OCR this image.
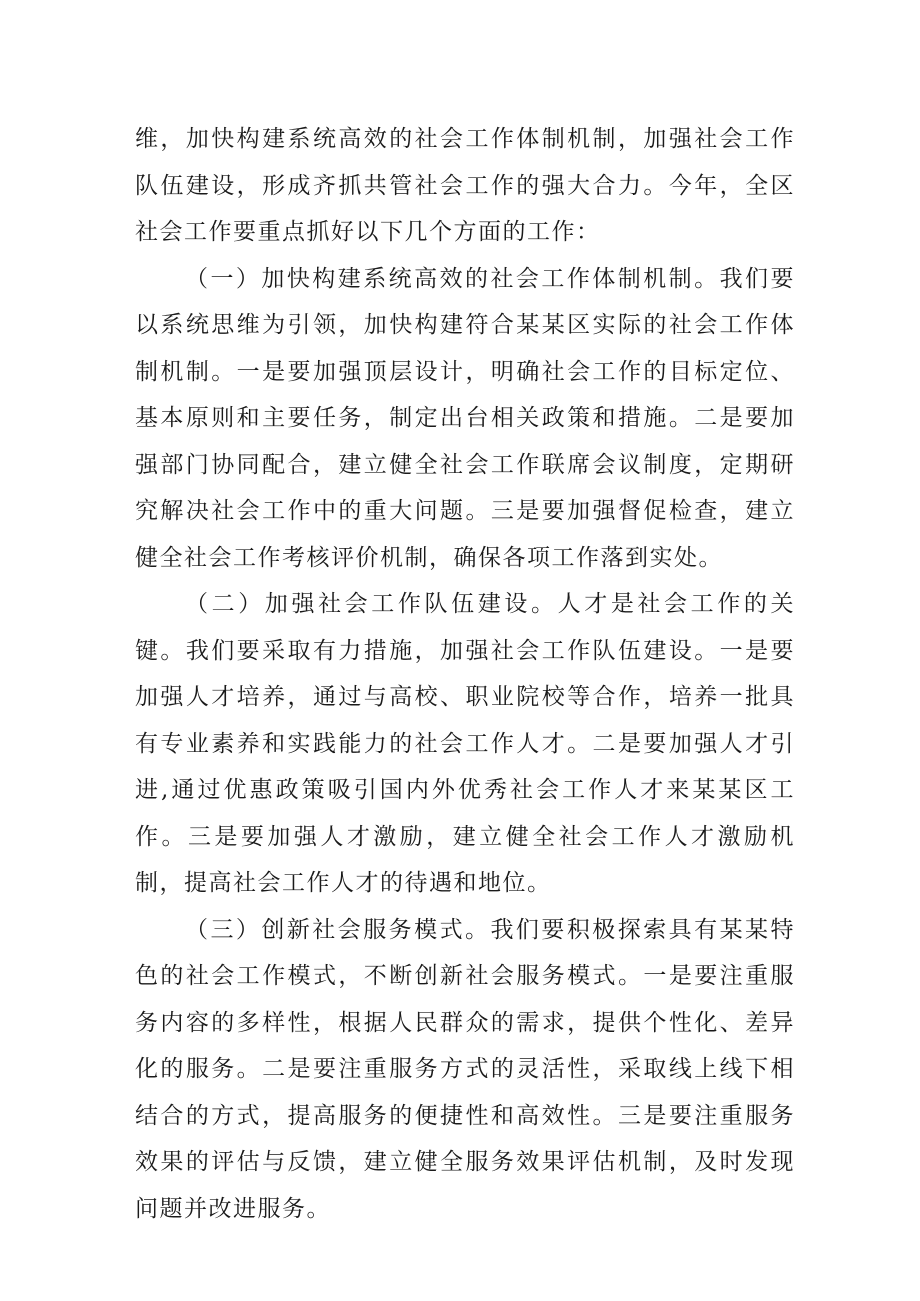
维，加快构建系统高效的社会工作体制机制，加强社会工作队伍建设，形成齐抓共管社会工作的强大合力。今年，全区社会工作要重点抓好以下几个方面的工作：

（一）加快构建系统高效的社会工作体制机制。我们要以系统思维为引领，加快构建符合某某区实际的社会工作体制机制。一是要加强顶层设计，明确社会工作的目标定位、基本原则和主要任务，制定出台相关政策和措施。二是要加强部门协同配合，建立健全社会工作联席会议制度，定期研究解决社会工作中的重大问题。三是要加强督促检查，建立健全社会工作考核评价机制，确保各项工作落到实处。

（二）加强社会工作队伍建设。人才是社会工作的关键。我们要采取有力措施，加强社会工作队伍建设。一是要加强人才培养，通过与高校、职业院校等合作，培养一批具有专业素养和实践能力的社会工作人才。二是要加强人才引进,通过优惠政策吸引国内外优秀社会工作人才来某某区工作。三是要加强人才激励，建立健全社会工作人才激励机制，提高社会工作人才的待遇和地位。

（三）创新社会服务模式。我们要积极探索具有某某特色的社会工作模式，不断创新社会服务模式。一是要注重服务内容的多样性，根据人民群众的需求，提供个性化、差异化的服务。二是要注重服务方式的灵活性，采取线上线下相结合的方式，提高服务的便捷性和高效性。三是要注重服务效果的评估与反馈，建立健全服务效果评估机制，及时发现问题并改进服务。
